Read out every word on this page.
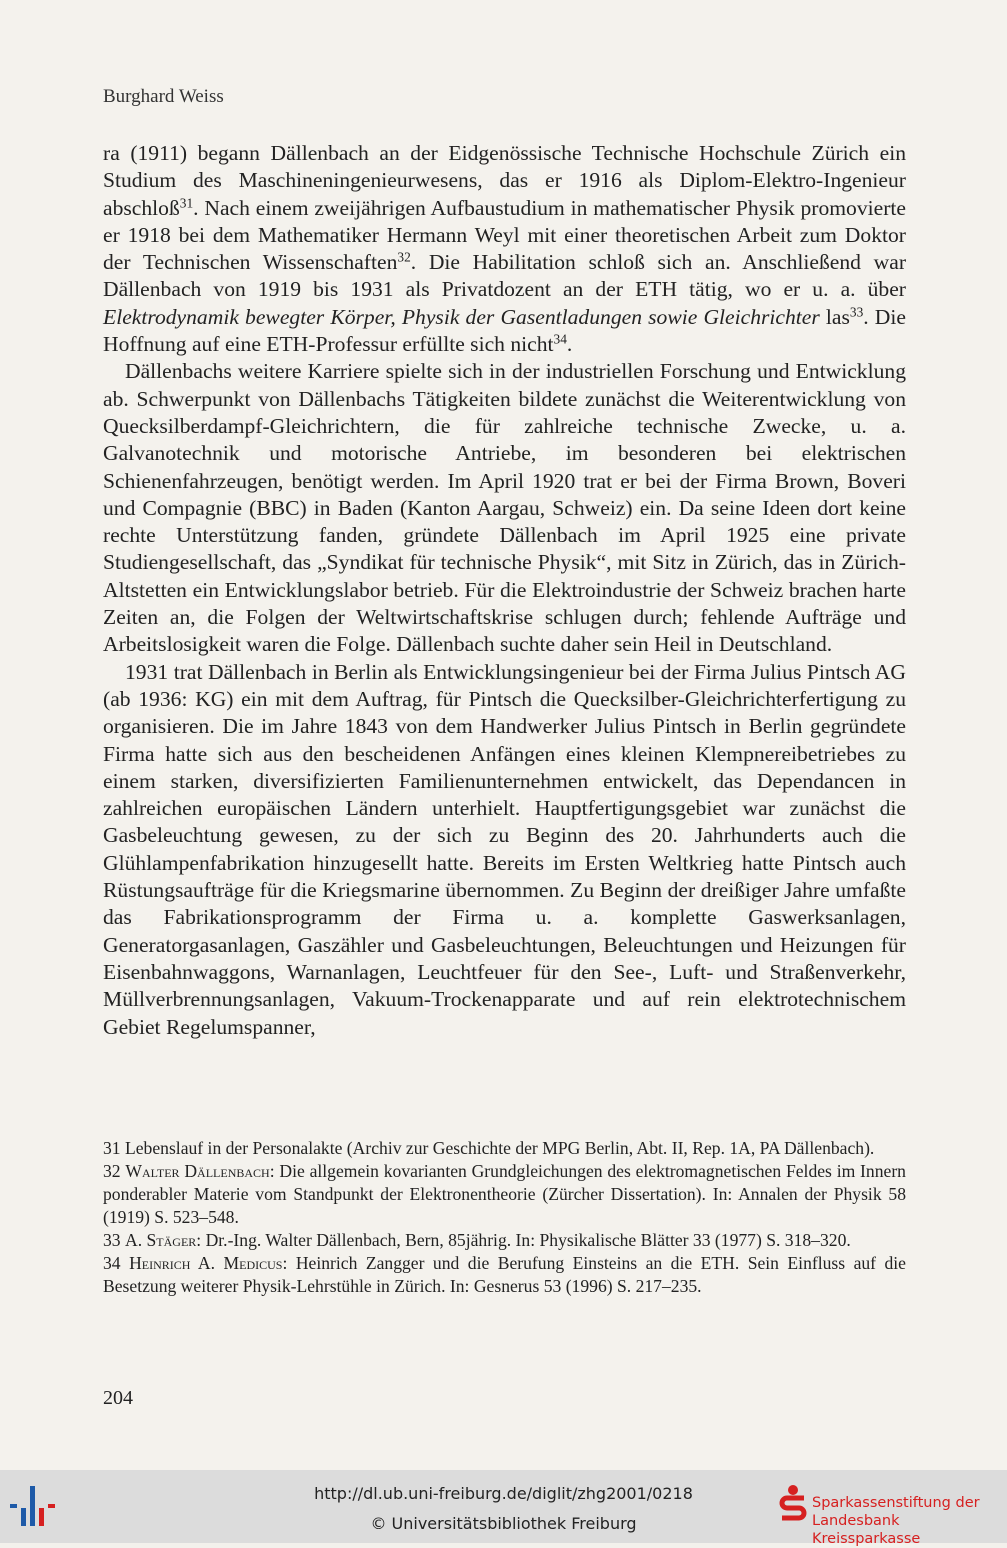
Burghard Weiss

ra (1911) begann Dällenbach an der Eidgenössische Technische Hochschule Zürich ein Studium des Maschineningenieurwesens, das er 1916 als Diplom-Elektro-Ingenieur abschloß$^{31}$. Nach einem zweijährigen Aufbaustudium in mathematischer Physik promovierte er 1918 bei dem Mathematiker Hermann Weyl mit einer theoretischen Arbeit zum Doktor der Technischen Wissenschaften$^{32}$. Die Habilitation schloß sich an. Anschließend war Dällenbach von 1919 bis 1931 als Privatdozent an der ETH tätig, wo er u. a. über Elektrodynamik bewegter Körper, Physik der Gasentladungen sowie Gleichrichter las$^{33}$. Die Hoffnung auf eine ETH-Professur erfüllte sich nicht$^{34}$.

Dällenbachs weitere Karriere spielte sich in der industriellen Forschung und Entwicklung ab. Schwerpunkt von Dällenbachs Tätigkeiten bildete zunächst die Weiterentwicklung von Quecksilberdampf-Gleichrichtern, die für zahlreiche technische Zwecke, u. a. Galvanotechnik und motorische Antriebe, im besonderen bei elektrischen Schienenfahrzeugen, benötigt werden. Im April 1920 trat er bei der Firma Brown, Boveri und Compagnie (BBC) in Baden (Kanton Aargau, Schweiz) ein. Da seine Ideen dort keine rechte Unterstützung fanden, gründete Dällenbach im April 1925 eine private Studiengesellschaft, das „Syndikat für technische Physik“, mit Sitz in Zürich, das in Zürich-Altstetten ein Entwicklungslabor betrieb. Für die Elektroindustrie der Schweiz brachen harte Zeiten an, die Folgen der Weltwirtschaftskrise schlugen durch; fehlende Aufträge und Arbeitslosigkeit waren die Folge. Dällenbach suchte daher sein Heil in Deutschland.

1931 trat Dällenbach in Berlin als Entwicklungsingenieur bei der Firma Julius Pintsch AG (ab 1936: KG) ein mit dem Auftrag, für Pintsch die Quecksilber-Gleichrichterfertigung zu organisieren. Die im Jahre 1843 von dem Handwerker Julius Pintsch in Berlin gegründete Firma hatte sich aus den bescheidenen Anfängen eines kleinen Klempnereibetriebes zu einem starken, diversifizierten Familienunternehmen entwickelt, das Dependancen in zahlreichen europäischen Ländern unterhielt. Hauptfertigungsgebiet war zunächst die Gasbeleuchtung gewesen, zu der sich zu Beginn des 20. Jahrhunderts auch die Glühlampenfabrikation hinzugesellt hatte. Bereits im Ersten Weltkrieg hatte Pintsch auch Rüstungsaufträge für die Kriegsmarine übernommen. Zu Beginn der dreißiger Jahre umfaßte das Fabrikationsprogramm der Firma u. a. komplette Gaswerksanlagen, Generatorgasanlagen, Gaszähler und Gasbeleuchtungen, Beleuchtungen und Heizungen für Eisenbahnwaggons, Warnanlagen, Leuchtfeuer für den See-, Luft- und Straßenverkehr, Müllverbrennungsanlagen, Vakuum-Trockenapparate und auf rein elektrotechnischem Gebiet Regelumspanner,

31 Lebenslauf in der Personalakte (Archiv zur Geschichte der MPG Berlin, Abt. II, Rep. 1A, PA Dällenbach).

32 Walter Dällenbach: Die allgemein kovarianten Grundgleichungen des elektromagnetischen Feldes im Innern ponderabler Materie vom Standpunkt der Elektronentheorie (Zürcher Dissertation). In: Annalen der Physik 58 (1919) S. 523–548.

33 A. Stäger: Dr.-Ing. Walter Dällenbach, Bern, 85jährig. In: Physikalische Blätter 33 (1977) S. 318–320.

34 Heinrich A. Medicus: Heinrich Zangger und die Berufung Einsteins an die ETH. Sein Einfluss auf die Besetzung weiterer Physik-Lehrstühle in Zürich. In: Gesnerus 53 (1996) S. 217–235.

204
http://dl.ub.uni-freiburg.de/diglit/zhg2001/0218
© Universitätsbibliothek Freiburg
Sparkassenstiftung der
Landesbank Kreissparkasse
